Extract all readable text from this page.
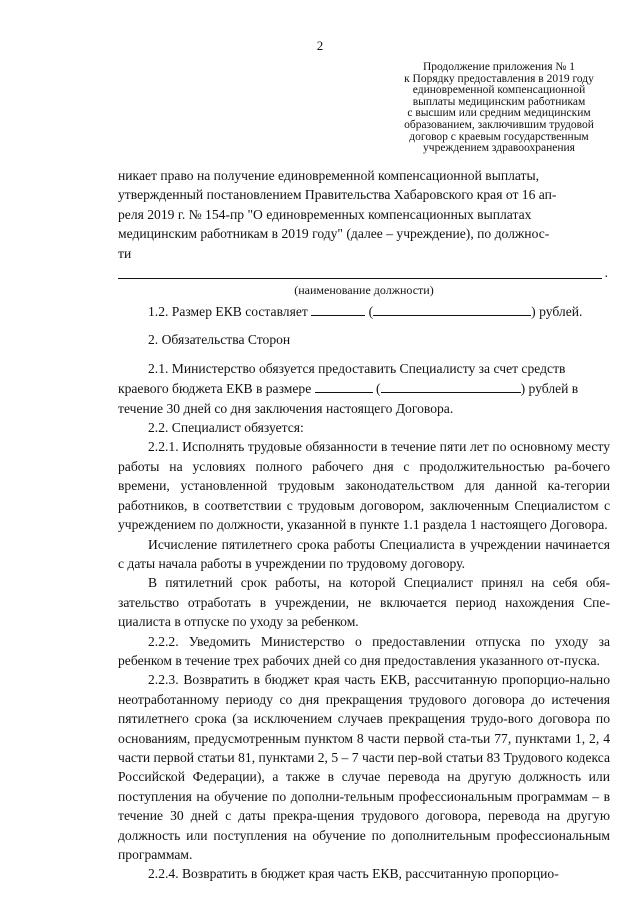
2
Продолжение приложения № 1
к Порядку предоставления в 2019 году
единовременной компенсационной
выплаты медицинским работникам
с высшим или средним медицинским
образованием, заключившим трудовой
договор с краевым государственным
учреждением здравоохранения

никает право на получение единовременной компенсационной выплаты,

утвержденный постановлением Правительства Хабаровского края от 16 ап-

реля 2019 г. № 154-пр "О единовременных компенсационных выплатах

медицинским работникам в 2019 году" (далее – учреждение), по должнос-

ти

.
(наименование должности)

1.2. Размер ЕКВ составляет	(	) рублей.

2. Обязательства Сторон

2.1. Министерство обязуется предоставить Специалисту за счет средств

краевого бюджета ЕКВ в размере	(	) рублей в

течение 30 дней со дня заключения настоящего Договора.

2.2. Специалист обязуется:

2.2.1. Исполнять трудовые обязанности в течение пяти лет по основному месту работы на условиях полного рабочего дня с продолжительностью ра-бочего времени, установленной трудовым законодательством для данной ка-тегории работников, в соответствии с трудовым договором, заключенным Специалистом с учреждением по должности, указанной в пункте 1.1 раздела 1 настоящего Договора.

Исчисление пятилетнего срока работы Специалиста в учреждении начинается с даты начала работы в учреждении по трудовому договору.

В пятилетний срок работы, на которой Специалист принял на себя обя-зательство отработать в учреждении, не включается период нахождения Спе-циалиста в отпуске по уходу за ребенком.

2.2.2. Уведомить Министерство о предоставлении отпуска по уходу за ребенком в течение трех рабочих дней со дня предоставления указанного от-пуска.

2.2.3. Возвратить в бюджет края часть ЕКВ, рассчитанную пропорцио-нально неотработанному периоду со дня прекращения трудового договора до истечения пятилетнего срока (за исключением случаев прекращения трудо-вого договора по основаниям, предусмотренным пунктом 8 части первой ста-тьи 77, пунктами 1, 2, 4 части первой статьи 81, пунктами 2, 5 – 7 части пер-вой статьи 83 Трудового кодекса Российской Федерации), а также в случае перевода на другую должность или поступления на обучение по дополни-тельным профессиональным программам – в течение 30 дней с даты прекра-щения трудового договора, перевода на другую должность или поступления на обучение по дополнительным профессиональным программам.

2.2.4. Возвратить в бюджет края часть ЕКВ, рассчитанную пропорцио-
